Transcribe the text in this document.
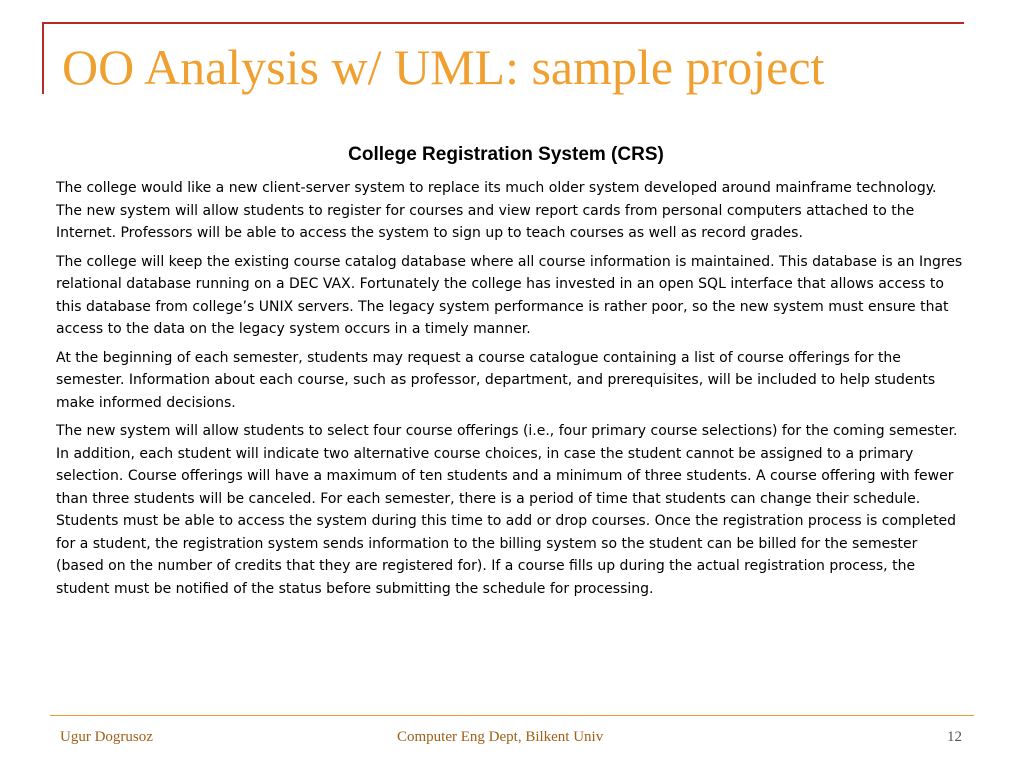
OO Analysis w/ UML: sample project
College Registration System (CRS)

The college would like a new client-server system to replace its much older system developed around mainframe technology. The new system will allow students to register for courses and view report cards from personal computers attached to the Internet. Professors will be able to access the system to sign up to teach courses as well as record grades.

The college will keep the existing course catalog database where all course information is maintained. This database is an Ingres relational database running on a DEC VAX. Fortunately the college has invested in an open SQL interface that allows access to this database from college’s UNIX servers. The legacy system performance is rather poor, so the new system must ensure that access to the data on the legacy system occurs in a timely manner.

At the beginning of each semester, students may request a course catalogue containing a list of course offerings for the semester. Information about each course, such as professor, department, and prerequisites, will be included to help students make informed decisions.

The new system will allow students to select four course offerings (i.e., four primary course selections) for the coming semester. In addition, each student will indicate two alternative course choices, in case the student cannot be assigned to a primary selection. Course offerings will have a maximum of ten students and a minimum of three students. A course offering with fewer than three students will be canceled. For each semester, there is a period of time that students can change their schedule. Students must be able to access the system during this time to add or drop courses. Once the registration process is completed for a student, the registration system sends information to the billing system so the student can be billed for the semester (based on the number of credits that they are registered for). If a course fills up during the actual registration process, the student must be notified of the status before submitting the schedule for processing.

Ugur Dogrusoz	Computer Eng Dept, Bilkent Univ	12
